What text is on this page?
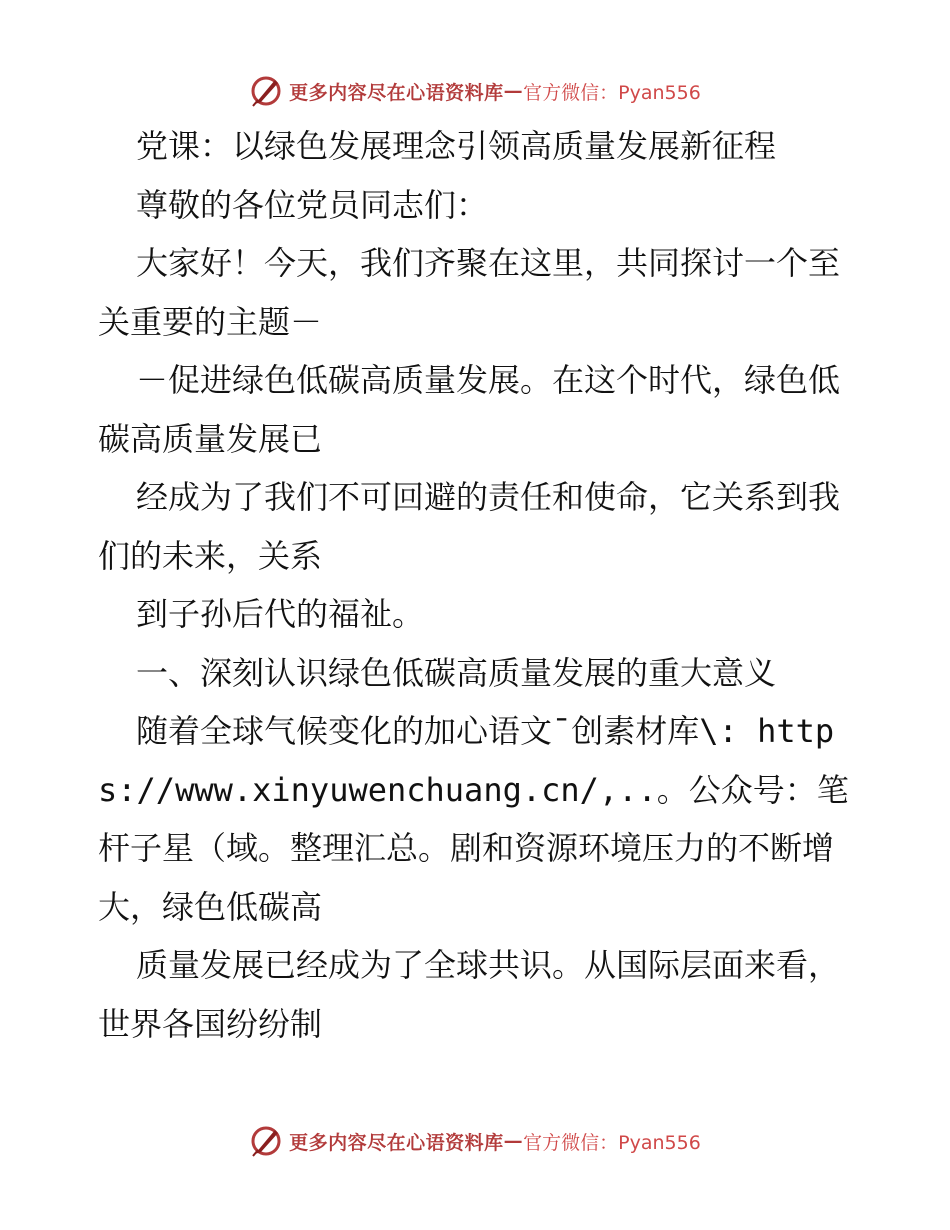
更多内容尽在心语资料库 — 官方微信：Pyan556

党课：以绿色发展理念引领高质量发展新征程

尊敬的各位党员同志们：

大家好！今天，我们齐聚在这里，共同探讨一个至关重要的主题－

－促进绿色低碳高质量发展。在这个时代，绿色低碳高质量发展已

经成为了我们不可回避的责任和使命，它关系到我们的未来，关系

到子孙后代的福祉。

一、深刻认识绿色低碳高质量发展的重大意义

随着全球气候变化的加心语文¯创素材库\: https://www.xinyuwenchuang.cn/,..。公众号：笔杆子星（域。整理汇总。剧和资源环境压力的不断增大，绿色低碳高

质量发展已经成为了全球共识。从国际层面来看，世界各国纷纷制

更多内容尽在心语资料库 — 官方微信：Pyan556
